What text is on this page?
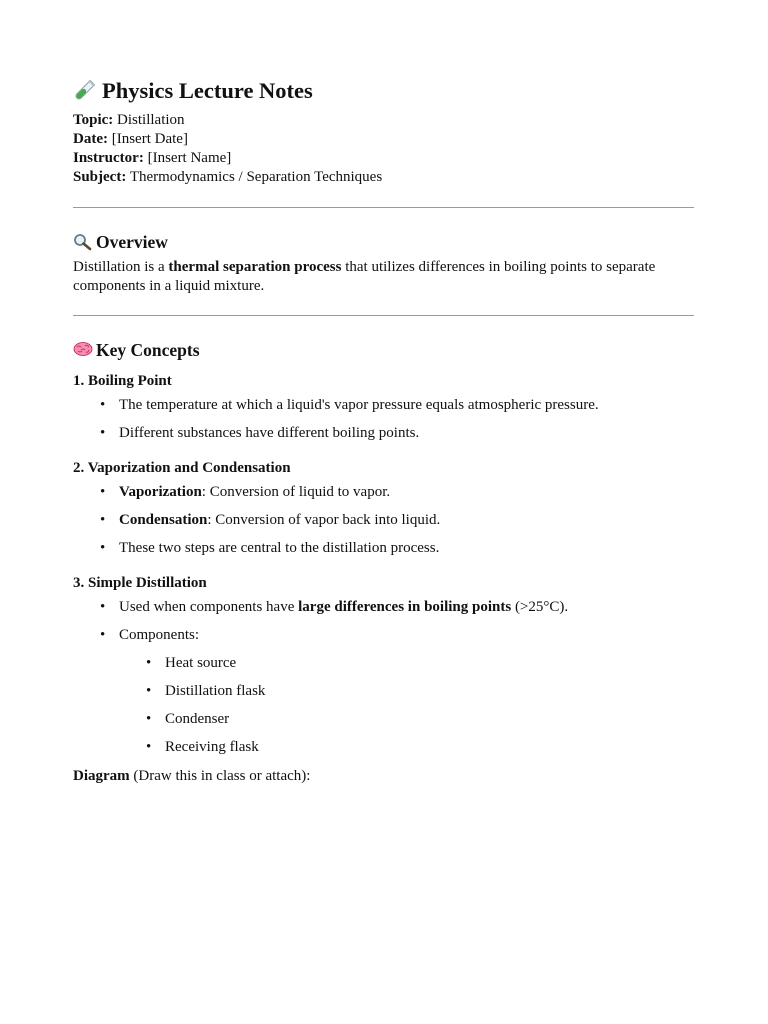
Physics Lecture Notes
Topic: Distillation
Date: [Insert Date]
Instructor: [Insert Name]
Subject: Thermodynamics / Separation Techniques
Overview

Distillation is a thermal separation process that utilizes differences in boiling points to separate components in a liquid mixture.

Key Concepts
1. Boiling Point
• The temperature at which a liquid's vapor pressure equals atmospheric pressure.
• Different substances have different boiling points.
2. Vaporization and Condensation
• Vaporization: Conversion of liquid to vapor.
• Condensation: Conversion of vapor back into liquid.
• These two steps are central to the distillation process.
3. Simple Distillation
• Used when components have large differences in boiling points (>25°C).
• Components:
• Heat source
• Distillation flask
• Condenser
• Receiving flask

Diagram (Draw this in class or attach):
